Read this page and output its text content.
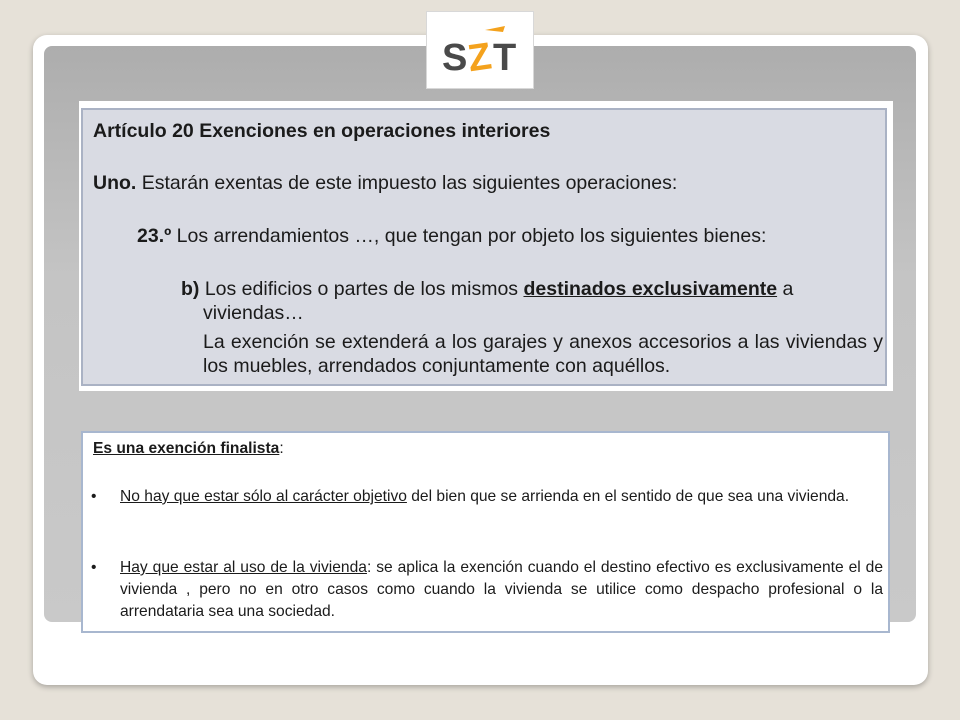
S
Z
T

Artículo 20 Exenciones en operaciones interiores

Uno. Estarán exentas de este impuesto las siguientes operaciones:

23.º Los arrendamientos …, que tengan por objeto los siguientes bienes:

b) Los edificios o partes de los mismos destinados exclusivamente a

viviendas…

La exención se extenderá a los garajes y anexos accesorios a las viviendas y los muebles, arrendados conjuntamente con aquéllos.

Es una exención finalista:

•	No hay que estar sólo al carácter objetivo del bien que se arrienda en el sentido de que sea una vivienda.

•	Hay que estar al uso de la vivienda: se aplica la exención cuando el destino efectivo es exclusivamente el de vivienda , pero no en otro casos como cuando la vivienda se utilice como despacho profesional o la arrendataria sea una sociedad.
